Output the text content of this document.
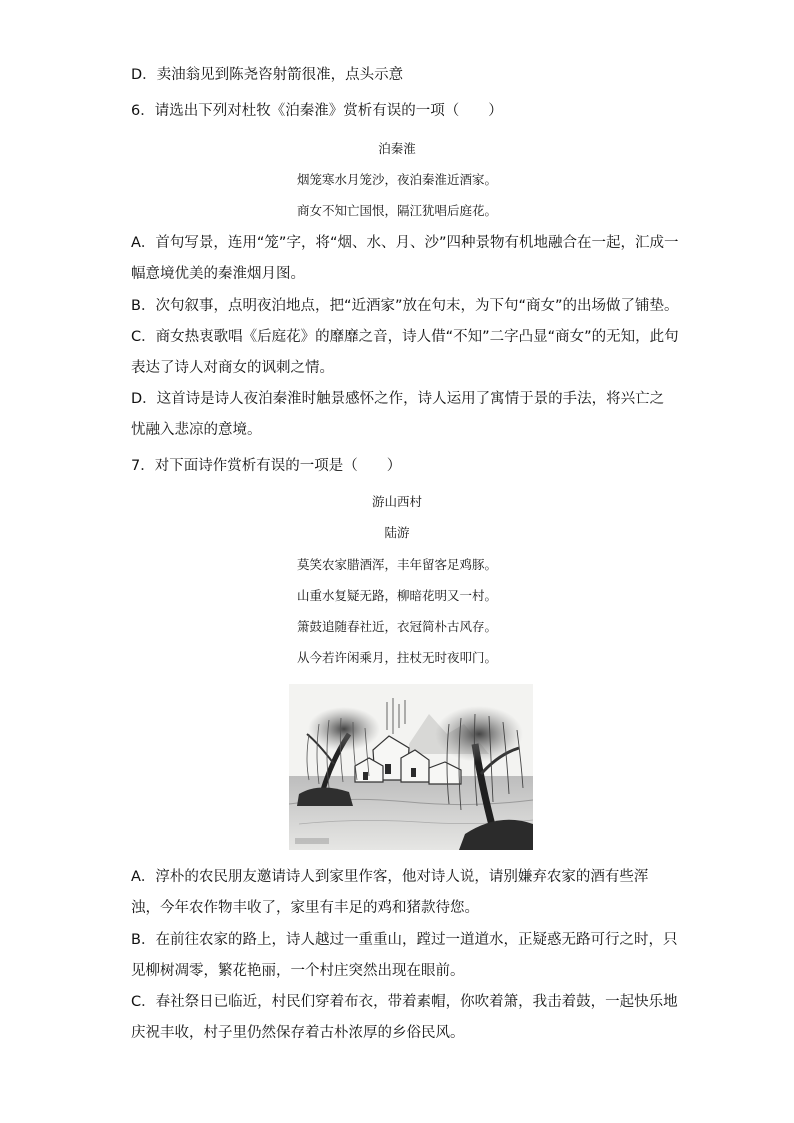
D．卖油翁见到陈尧咨射箭很准，点头示意
6．请选出下列对杜牧《泊秦淮》赏析有误的一项（　　）
泊秦淮
烟笼寒水月笼沙，夜泊秦淮近酒家。
商女不知亡国恨，隔江犹唱后庭花。
A．首句写景，连用“笼”字，将“烟、水、月、沙”四种景物有机地融合在一起，汇成一
幅意境优美的秦淮烟月图。
B．次句叙事，点明夜泊地点，把“近酒家”放在句末，为下句“商女”的出场做了铺垫。
C．商女热衷歌唱《后庭花》的靡靡之音，诗人借“不知”二字凸显“商女”的无知，此句
表达了诗人对商女的讽刺之情。
D．这首诗是诗人夜泊秦淮时触景感怀之作，诗人运用了寓情于景的手法，将兴亡之
忧融入悲凉的意境。
7．对下面诗作赏析有误的一项是（　　）
游山西村
陆游
莫笑农家腊酒浑，丰年留客足鸡豚。
山重水复疑无路，柳暗花明又一村。
箫鼓追随春社近，衣冠简朴古风存。
从今若许闲乘月，拄杖无时夜叩门。
A．淳朴的农民朋友邀请诗人到家里作客，他对诗人说，请别嫌弃农家的酒有些浑
浊，今年农作物丰收了，家里有丰足的鸡和猪款待您。
B．在前往农家的路上，诗人越过一重重山，蹚过一道道水，正疑惑无路可行之时，只
见柳树凋零，繁花艳丽，一个村庄突然出现在眼前。
C．春社祭日已临近，村民们穿着布衣，带着素帽，你吹着箫，我击着鼓，一起快乐地
庆祝丰收，村子里仍然保存着古朴浓厚的乡俗民风。
